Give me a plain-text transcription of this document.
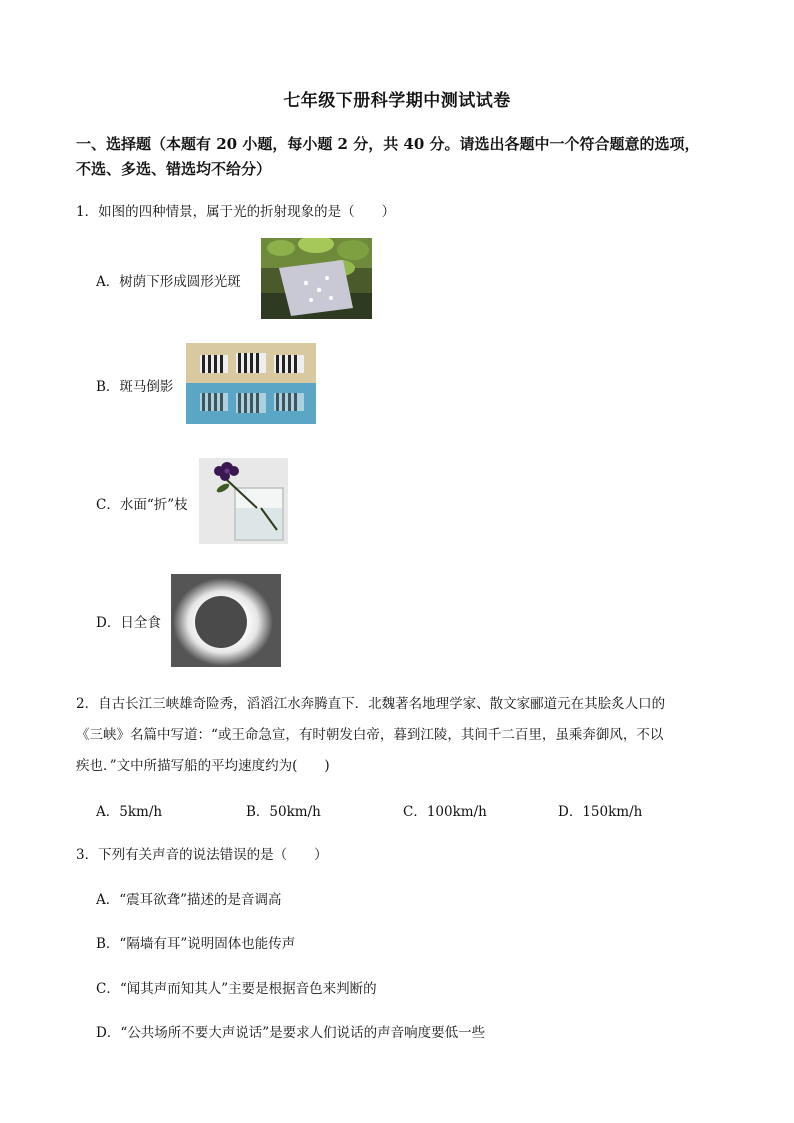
七年级下册科学期中测试试卷
一、选择题（本题有 20 小题，每小题 2 分，共 40 分。请选出各题中一个符合题意的选项，
不选、多选、错选均不给分）
1．如图的四种情景，属于光的折射现象的是（　　）
A．树荫下形成圆形光斑
B．斑马倒影
C．水面“折”枝
D．日全食
2．自古长江三峡雄奇险秀，滔滔江水奔腾直下．北魏著名地理学家、散文家郦道元在其脍炙人口的
《三峡》名篇中写道：“或王命急宣，有时朝发白帝，暮到江陵，其间千二百里，虽乘奔御风，不以
疾也．”文中所描写船的平均速度约为(　　)
A．5km/h	B．50km/h	C．100km/h	D．150km/h
3．下列有关声音的说法错误的是（　　）
A．“震耳欲聋”描述的是音调高
B．“隔墙有耳”说明固体也能传声
C．“闻其声而知其人”主要是根据音色来判断的
D．“公共场所不要大声说话”是要求人们说话的声音响度要低一些
